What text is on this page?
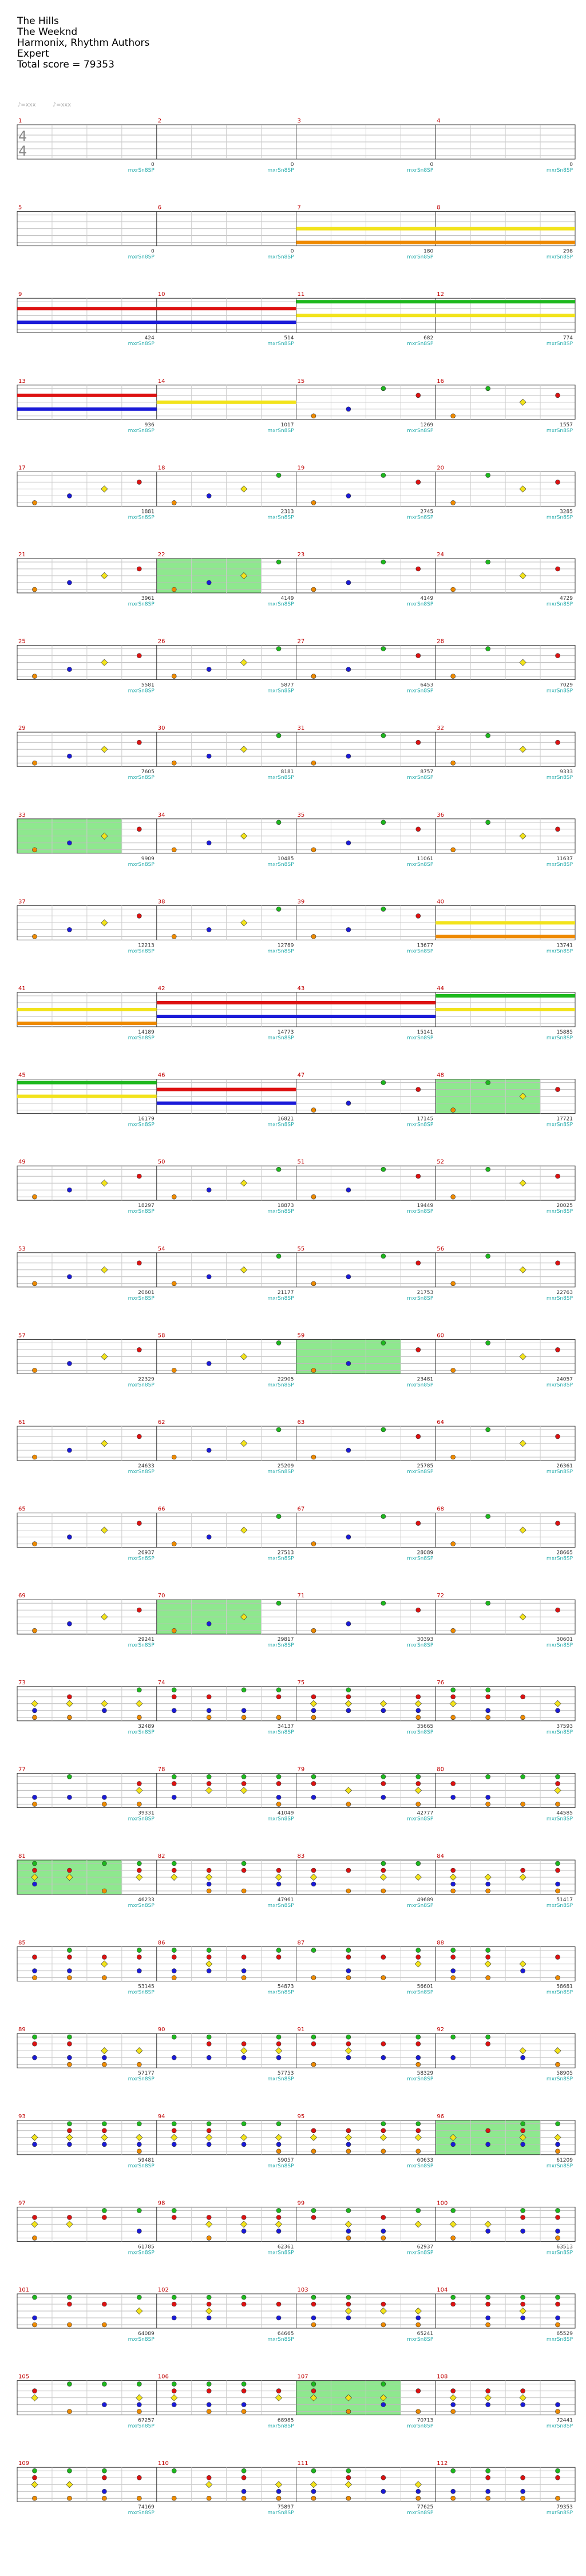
The Hills
The Weeknd
Harmonix, Rhythm Authors
Expert
Total score = 79353
♪=xxx	♪=xxx
1
0
mxrSn8SP
2
0
mxrSn8SP
3
0
mxrSn8SP
4
0
mxrSn8SP
4
4
5
0
mxrSn8SP
6
0
mxrSn8SP
7
180
mxrSn8SP
8
298
mxrSn8SP
9
424
mxrSn8SP
10
514
mxrSn8SP
11
682
mxrSn8SP
12
774
mxrSn8SP
13
936
mxrSn8SP
14
1017
mxrSn8SP
15
1269
mxrSn8SP
16
1557
mxrSn8SP
17
1881
mxrSn8SP
18
2313
mxrSn8SP
19
2745
mxrSn8SP
20
3285
mxrSn8SP
21
3961
mxrSn8SP
22
4149
mxrSn8SP
23
4149
mxrSn8SP
24
4729
mxrSn8SP
25
5581
mxrSn8SP
26
5877
mxrSn8SP
27
6453
mxrSn8SP
28
7029
mxrSn8SP
29
7605
mxrSn8SP
30
8181
mxrSn8SP
31
8757
mxrSn8SP
32
9333
mxrSn8SP
33
9909
mxrSn8SP
34
10485
mxrSn8SP
35
11061
mxrSn8SP
36
11637
mxrSn8SP
37
12213
mxrSn8SP
38
12789
mxrSn8SP
39
13677
mxrSn8SP
40
13741
mxrSn8SP
41
14189
mxrSn8SP
42
14773
mxrSn8SP
43
15141
mxrSn8SP
44
15885
mxrSn8SP
45
16179
mxrSn8SP
46
16821
mxrSn8SP
47
17145
mxrSn8SP
48
17721
mxrSn8SP
49
18297
mxrSn8SP
50
18873
mxrSn8SP
51
19449
mxrSn8SP
52
20025
mxrSn8SP
53
20601
mxrSn8SP
54
21177
mxrSn8SP
55
21753
mxrSn8SP
56
22763
mxrSn8SP
57
22329
mxrSn8SP
58
22905
mxrSn8SP
59
23481
mxrSn8SP
60
24057
mxrSn8SP
61
24633
mxrSn8SP
62
25209
mxrSn8SP
63
25785
mxrSn8SP
64
26361
mxrSn8SP
65
26937
mxrSn8SP
66
27513
mxrSn8SP
67
28089
mxrSn8SP
68
28665
mxrSn8SP
69
29241
mxrSn8SP
70
29817
mxrSn8SP
71
30393
mxrSn8SP
72
30601
mxrSn8SP
73
32489
mxrSn8SP
74
34137
mxrSn8SP
75
35665
mxrSn8SP
76
37593
mxrSn8SP
77
39331
mxrSn8SP
78
41049
mxrSn8SP
79
42777
mxrSn8SP
80
44585
mxrSn8SP
81
46233
mxrSn8SP
82
47961
mxrSn8SP
83
49689
mxrSn8SP
84
51417
mxrSn8SP
85
53145
mxrSn8SP
86
54873
mxrSn8SP
87
56601
mxrSn8SP
88
58681
mxrSn8SP
89
57177
mxrSn8SP
90
57753
mxrSn8SP
91
58329
mxrSn8SP
92
58905
mxrSn8SP
93
59481
mxrSn8SP
94
59057
mxrSn8SP
95
60633
mxrSn8SP
96
61209
mxrSn8SP
97
61785
mxrSn8SP
98
62361
mxrSn8SP
99
62937
mxrSn8SP
100
63513
mxrSn8SP
101
64089
mxrSn8SP
102
64665
mxrSn8SP
103
65241
mxrSn8SP
104
65529
mxrSn8SP
105
67257
mxrSn8SP
106
68985
mxrSn8SP
107
70713
mxrSn8SP
108
72441
mxrSn8SP
109
74169
mxrSn8SP
110
75897
mxrSn8SP
111
77625
mxrSn8SP
112
79353
mxrSn8SP
